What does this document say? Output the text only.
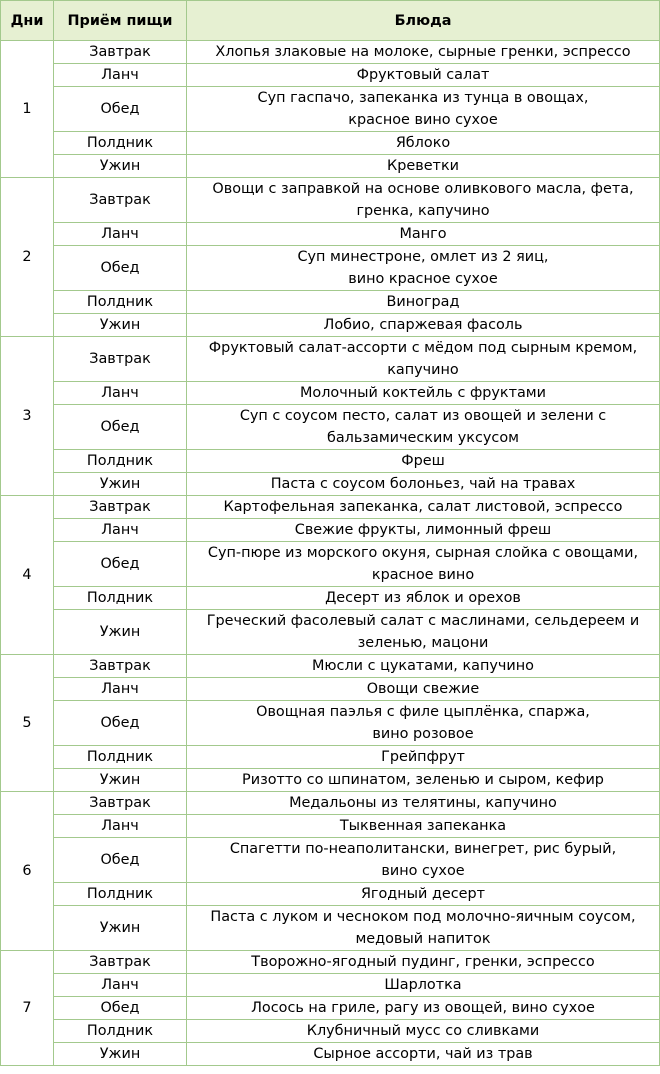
Дни	Приём пищи	Блюда
1	Завтрак	Хлопья злаковые на молоке, сырные гренки, эспрессо
	Ланч	Фруктовый салат
	Обед	Суп гаспачо, запеканка из тунца в овощах,
красное вино сухое
	Полдник	Яблоко
	Ужин	Креветки
2	Завтрак	Овощи с заправкой на основе оливкового масла, фета,
гренка, капучино
	Ланч	Манго
	Обед	Суп минестроне, омлет из 2 яиц,
вино красное сухое
	Полдник	Виноград
	Ужин	Лобио, спаржевая фасоль
3	Завтрак	Фруктовый салат-ассорти с мёдом под сырным кремом,
капучино
	Ланч	Молочный коктейль с фруктами
	Обед	Суп с соусом песто, салат из овощей и зелени с
бальзамическим уксусом
	Полдник	Фреш
	Ужин	Паста с соусом болоньез, чай на травах
4	Завтрак	Картофельная запеканка, салат листовой, эспрессо
	Ланч	Свежие фрукты, лимонный фреш
	Обед	Суп-пюре из морского окуня, сырная слойка с овощами,
красное вино
	Полдник	Десерт из яблок и орехов
	Ужин	Греческий фасолевый салат с маслинами, сельдереем и
зеленью, мацони
5	Завтрак	Мюсли с цукатами, капучино
	Ланч	Овощи свежие
	Обед	Овощная паэлья с филе цыплёнка, спаржа,
вино розовое
	Полдник	Грейпфрут
	Ужин	Ризотто со шпинатом, зеленью и сыром, кефир
6	Завтрак	Медальоны из телятины, капучино
	Ланч	Тыквенная запеканка
	Обед	Спагетти по-неаполитански, винегрет, рис бурый,
вино сухое
	Полдник	Ягодный десерт
	Ужин	Паста с луком и чесноком под молочно-яичным соусом,
медовый напиток
7	Завтрак	Творожно-ягодный пудинг, гренки, эспрессо
	Ланч	Шарлотка
	Обед	Лосось на гриле, рагу из овощей, вино сухое
	Полдник	Клубничный мусс со сливками
	Ужин	Сырное ассорти, чай из трав
